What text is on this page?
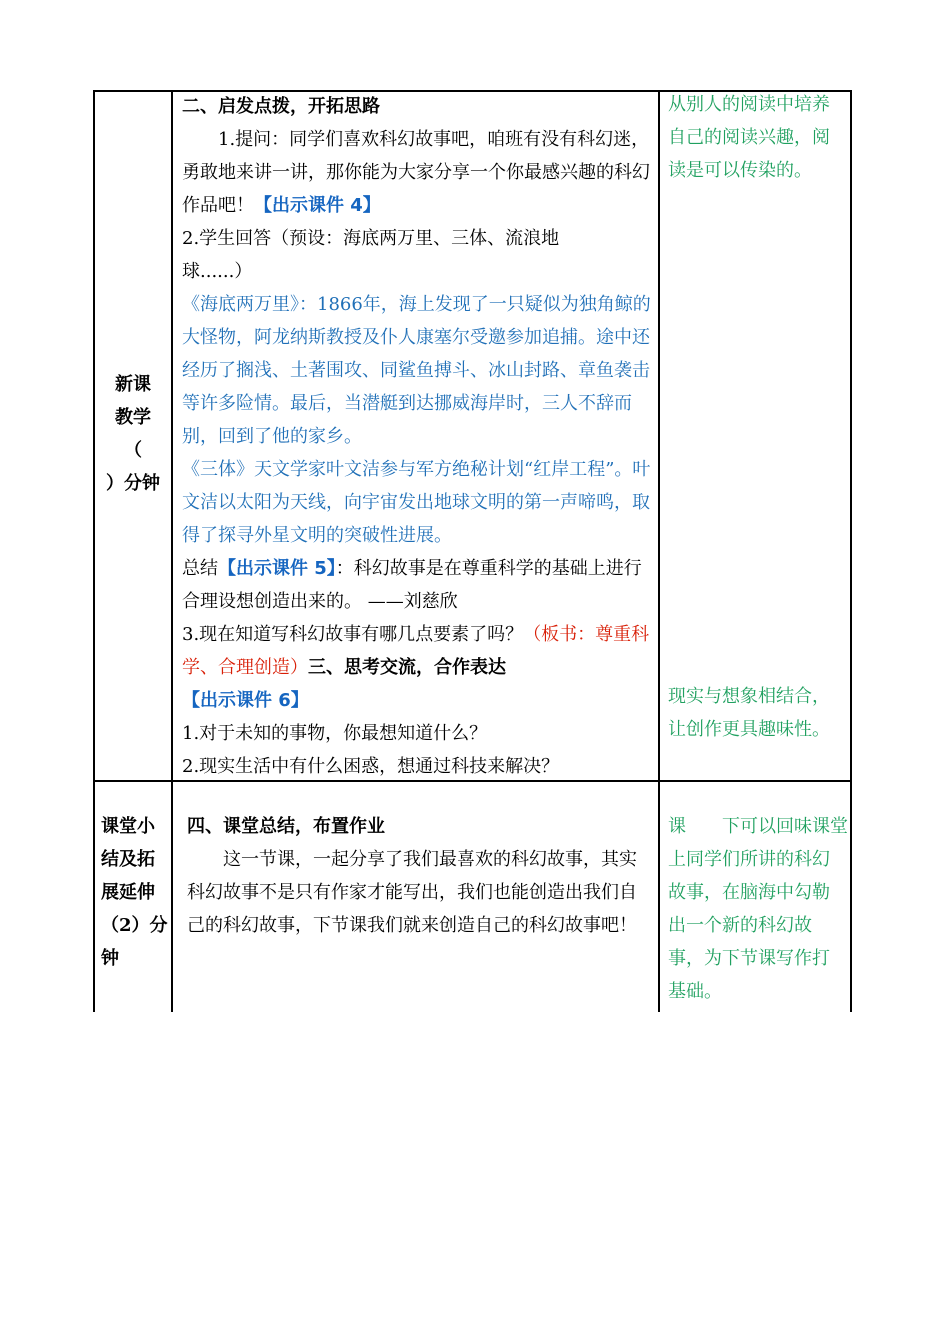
新课
教学
（
）分钟

二、启发点拨，开拓思路

1.提问：同学们喜欢科幻故事吧，咱班有没有科幻迷，勇敢地来讲一讲，那你能为大家分享一个你最感兴趣的科幻作品吧！【出示课件 4】

2.学生回答（预设：海底两万里、三体、流浪地球......）

《海底两万里》：1866年，海上发现了一只疑似为独角鲸的大怪物，阿龙纳斯教授及仆人康塞尔受邀参加追捕。途中还经历了搁浅、土著围攻、同鲨鱼搏斗、冰山封路、章鱼袭击等许多险情。最后，当潜艇到达挪威海岸时，三人不辞而别，回到了他的家乡。

《三体》天文学家叶文洁参与军方绝秘计划“红岸工程”。叶文洁以太阳为天线，向宇宙发出地球文明的第一声啼鸣，取得了探寻外星文明的突破性进展。

总结【出示课件 5】：科幻故事是在尊重科学的基础上进行合理设想创造出来的。 ——刘慈欣

3.现在知道写科幻故事有哪几点要素了吗？（板书：尊重科学、合理创造）三、思考交流，合作表达

【出示课件 6】

1.对于未知的事物，你最想知道什么？

2.现实生活中有什么困惑，想通过科技来解决？

从别人的阅读中培养自己的阅读兴趣，阅读是可以传染的。
现实与想象相结合，让创作更具趣味性。
课堂小
结及拓
展延伸
（2）分
钟

四、课堂总结，布置作业

这一节课，一起分享了我们最喜欢的科幻故事，其实科幻故事不是只有作家才能写出，我们也能创造出我们自己的科幻故事，下节课我们就来创造自己的科幻故事吧！

课　　下可以回味课堂
上同学们所讲的科幻
故事，在脑海中勾勒
出一个新的科幻故
事，为下节课写作打
基础。
